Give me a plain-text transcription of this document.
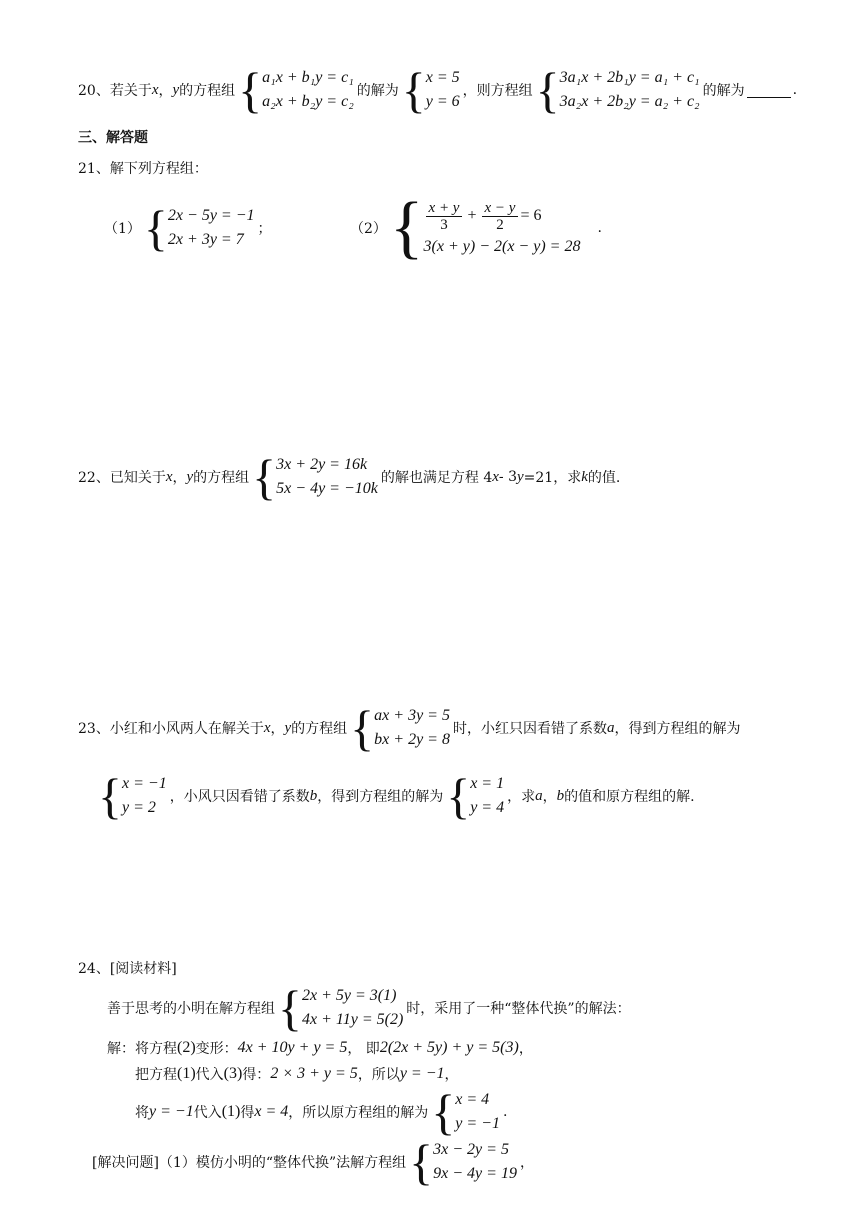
20、 若关于 x ， y 的方程组 { a₁x + b₁y = c₁
a₂x + b₂y = c₂
的解为 { x = 5
y = 6
，则方程组 { 3a₁x + 2b₁y = a₁ + c₁
3a₂x + 2b₂y = a₂ + c₂
的解为	.
三、解答题
21、 解下列方程组：
（1） { 2x − 5y = −1
2x + 3y = 7
；	（2） { $\frac{x + y}{3} + \frac{x - y}{2} = 6$
3(x + y) − 2(x − y) = 28
.
22、 已知关于 x ， y 的方程组 { 3x + 2y = 16k
5x − 4y = −10k
的解也满足方程 4 x - 3 y =21，求 k 的值.
23、 小红和小风两人在解关于 x ， y 的方程组 { ax + 3y = 5
bx + 2y = 8
时，小红只因看错了系数 a ，得到方程组的解为
{ x = −1
y = 2
，小风只因看错了系数 b ，得到方程组的解为 { x = 1
y = 4
，求 a ， b 的值和原方程组的解.
24、 [阅读材料]
善于思考的小明在解方程组 { 2x + 5y = 3(1)
4x + 11y = 5(2)
时，采用了一种“整体代换”的解法：
解：将方程 (2) 变形： 4x + 10y + y = 5 ， 即 2(2x + 5y) + y = 5(3) ，
把方程 (1) 代入 (3) 得： 2 × 3 + y = 5 ，所以 y = −1 ，
将 y = −1 代入 (1) 得 x = 4 ，所以原方程组的解为 { x = 4
y = −1
.
[解决问题]（1）模仿小明的“整体代换”法解方程组 { 3x − 2y = 5
9x − 4y = 19
，
